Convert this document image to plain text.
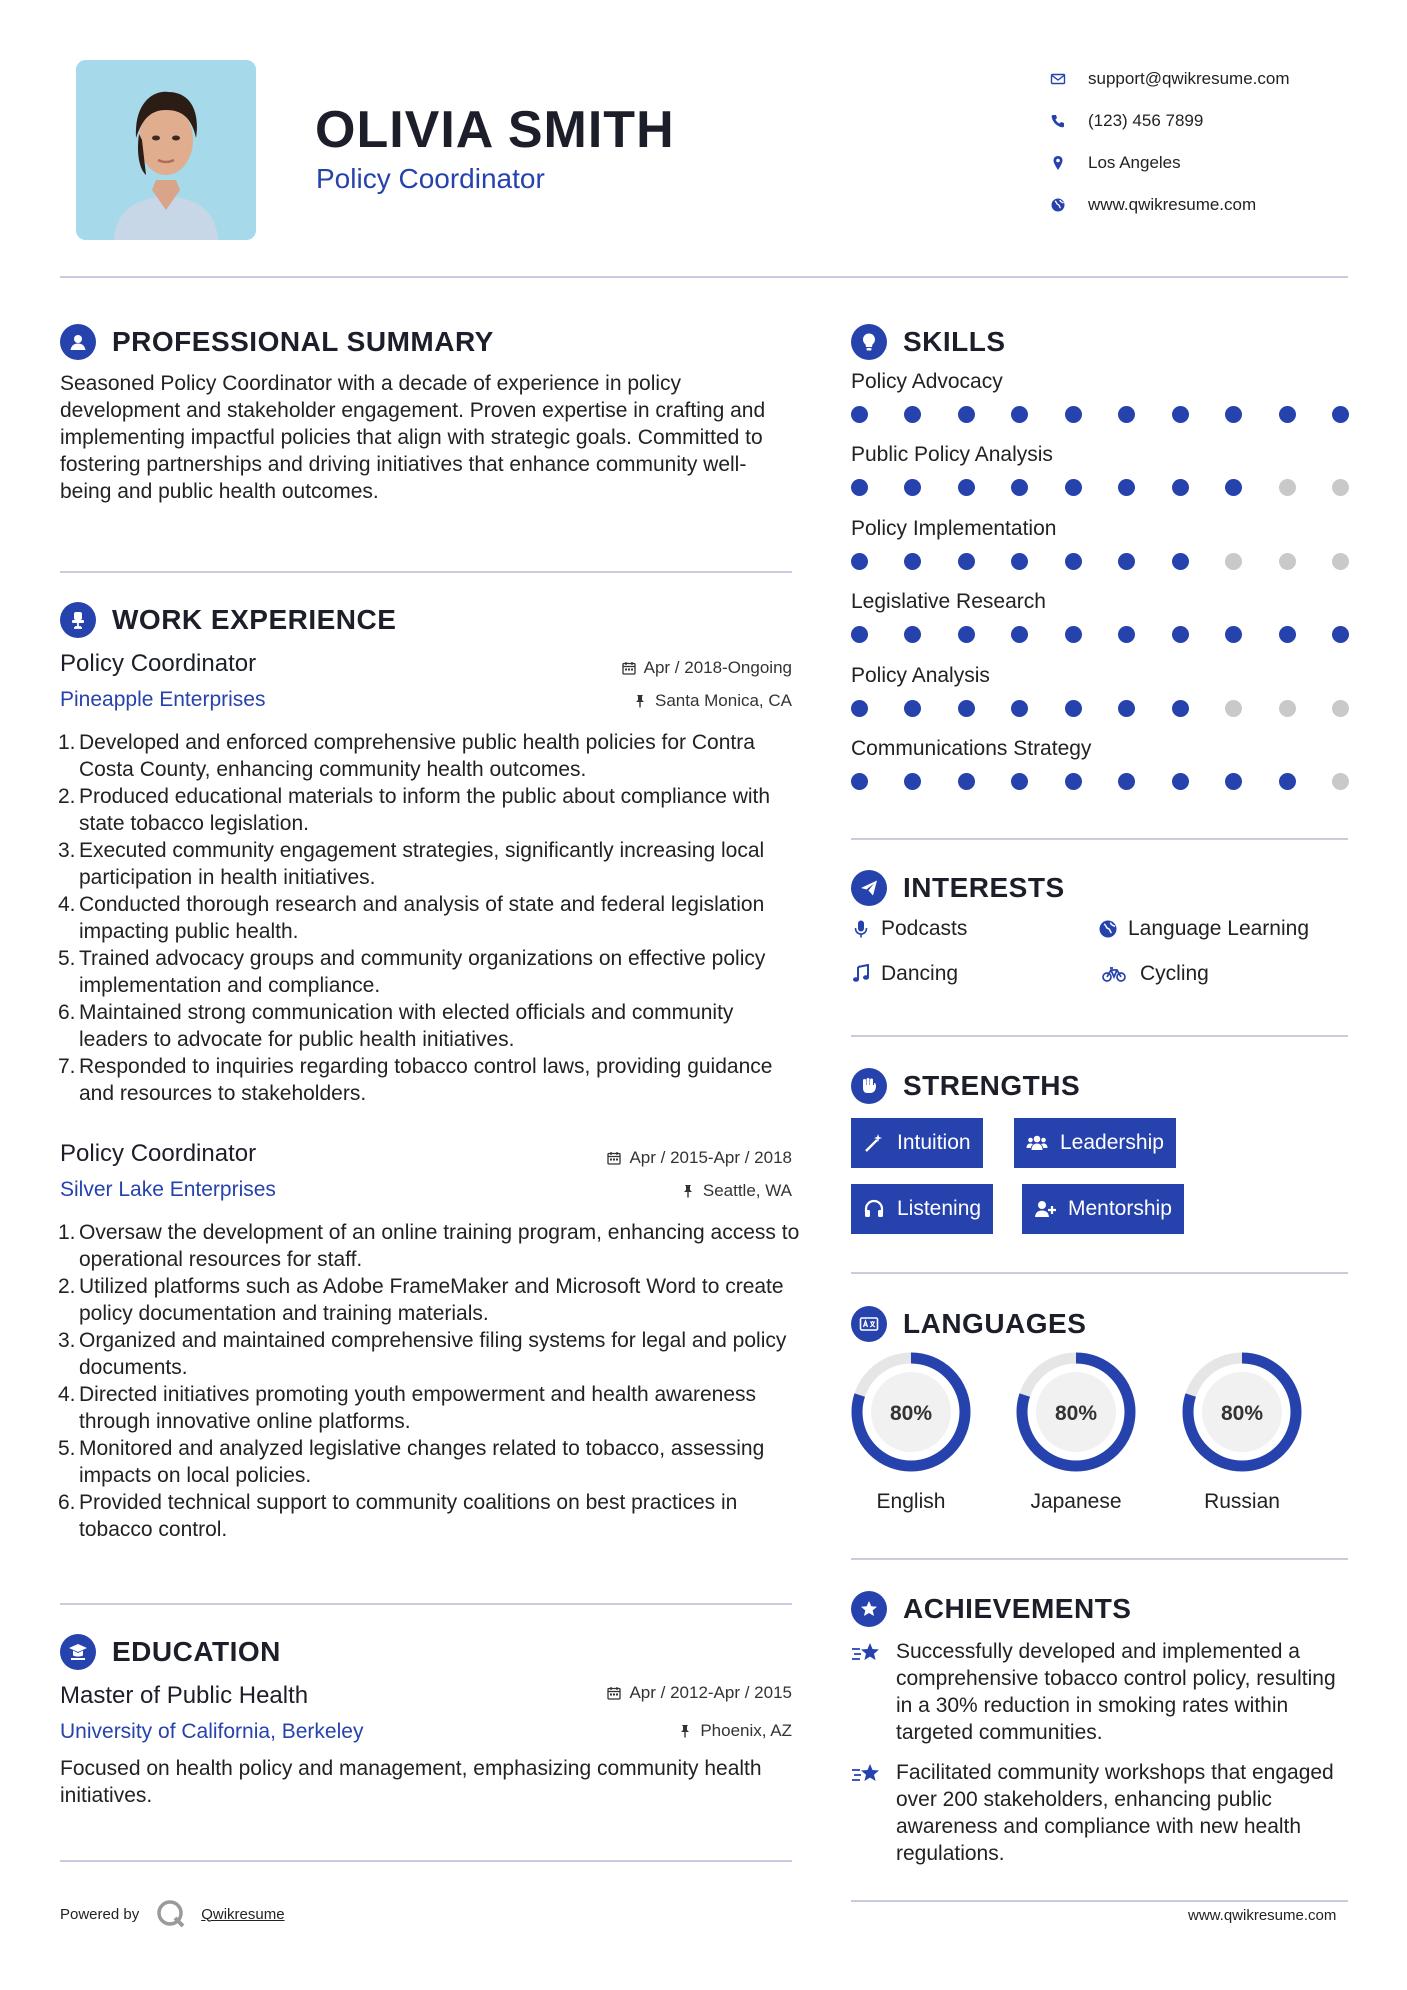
OLIVIA SMITH
Policy Coordinator
support@qwikresume.com
(123) 456 7899
Los Angeles
www.qwikresume.com
PROFESSIONAL SUMMARY
Seasoned Policy Coordinator with a decade of experience in policy development and stakeholder engagement. Proven expertise in crafting and implementing impactful policies that align with strategic goals. Committed to fostering partnerships and driving initiatives that enhance community well-being and public health outcomes.
WORK EXPERIENCE
Policy Coordinator	Apr / 2018-Ongoing
Pineapple Enterprises	Santa Monica, CA
1. Developed and enforced comprehensive public health policies for Contra Costa County, enhancing community health outcomes.
2. Produced educational materials to inform the public about compliance with state tobacco legislation.
3. Executed community engagement strategies, significantly increasing local participation in health initiatives.
4. Conducted thorough research and analysis of state and federal legislation impacting public health.
5. Trained advocacy groups and community organizations on effective policy implementation and compliance.
6. Maintained strong communication with elected officials and community leaders to advocate for public health initiatives.
7. Responded to inquiries regarding tobacco control laws, providing guidance and resources to stakeholders.
Policy Coordinator	Apr / 2015-Apr / 2018
Silver Lake Enterprises	Seattle, WA
1. Oversaw the development of an online training program, enhancing access to operational resources for staff.
2. Utilized platforms such as Adobe FrameMaker and Microsoft Word to create policy documentation and training materials.
3. Organized and maintained comprehensive filing systems for legal and policy documents.
4. Directed initiatives promoting youth empowerment and health awareness through innovative online platforms.
5. Monitored and analyzed legislative changes related to tobacco, assessing impacts on local policies.
6. Provided technical support to community coalitions on best practices in tobacco control.
EDUCATION
Master of Public Health	Apr / 2012-Apr / 2015
University of California, Berkeley	Phoenix, AZ
Focused on health policy and management, emphasizing community health initiatives.
SKILLS
Policy Advocacy
Public Policy Analysis
Policy Implementation
Legislative Research
Policy Analysis
Communications Strategy
INTERESTS
Podcasts	Language Learning
Dancing	Cycling
STRENGTHS
Intuition	Leadership
Listening	Mentorship
LANGUAGES
80%
English
80%
Japanese
80%
Russian
ACHIEVEMENTS
Successfully developed and implemented a comprehensive tobacco control policy, resulting in a 30% reduction in smoking rates within targeted communities.
Facilitated community workshops that engaged over 200 stakeholders, enhancing public awareness and compliance with new health regulations.
Powered by	Qwikresume	www.qwikresume.com
